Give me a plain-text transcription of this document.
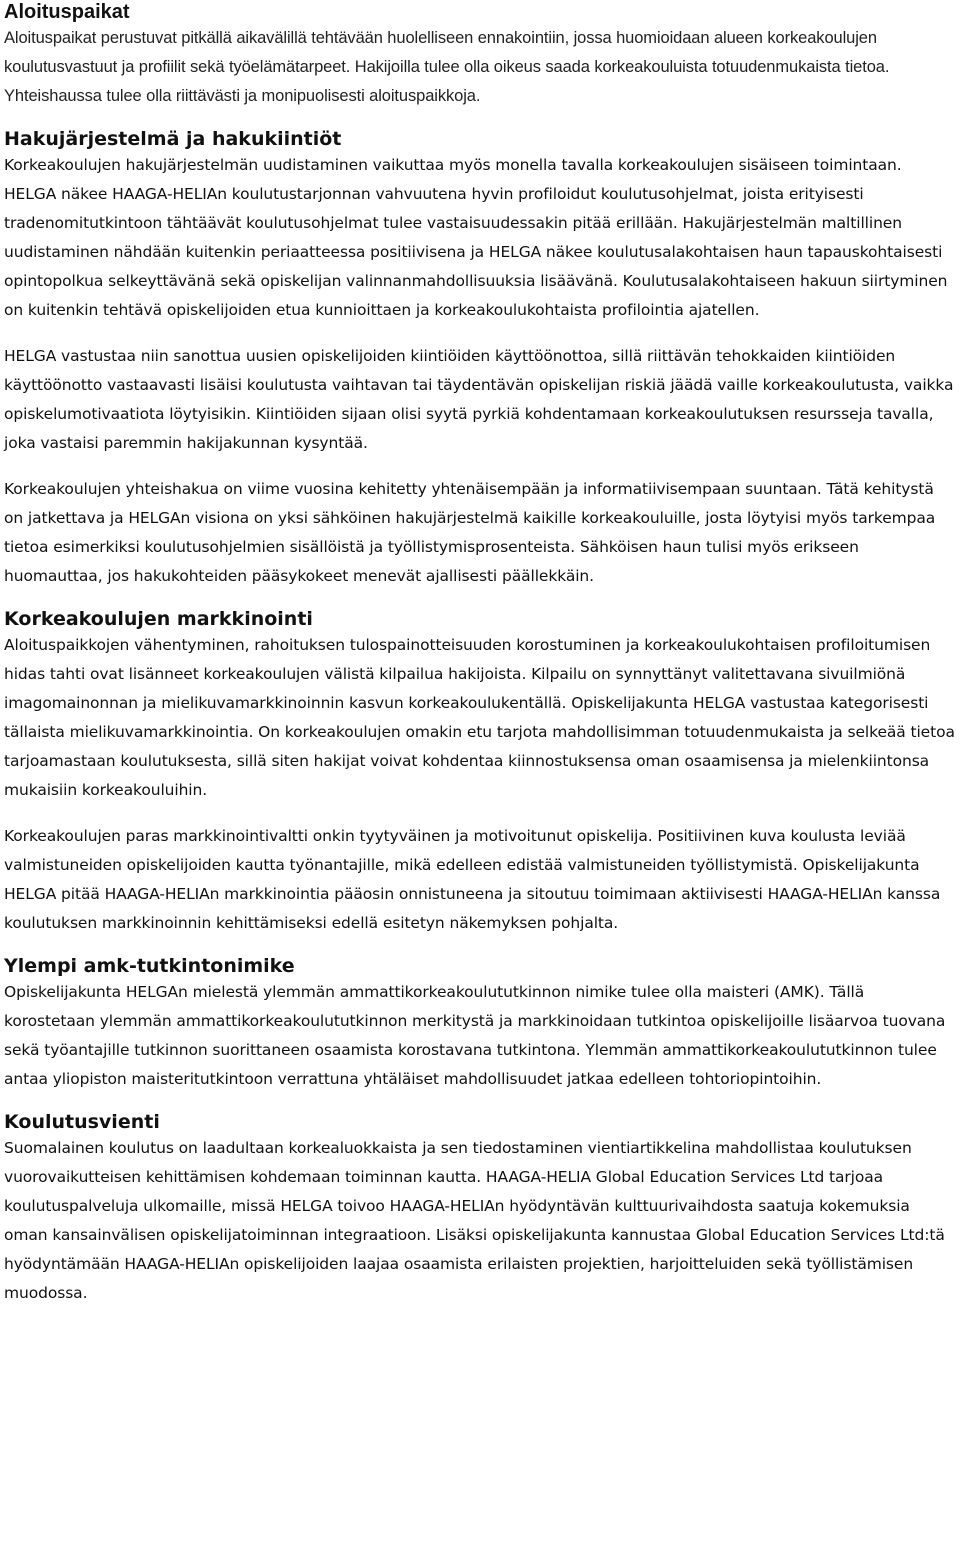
Aloituspaikat

Aloituspaikat perustuvat pitkällä aikavälillä tehtävään huolelliseen ennakointiin, jossa huomioidaan alueen korkeakoulujen koulutusvastuut ja profiilit sekä työelämätarpeet. Hakijoilla tulee olla oikeus saada korkeakouluista totuudenmukaista tietoa. Yhteishaussa tulee olla riittävästi ja monipuolisesti aloituspaikkoja.

Hakujärjestelmä ja hakukiintiöt

Korkeakoulujen hakujärjestelmän uudistaminen vaikuttaa myös monella tavalla korkeakoulujen sisäiseen toimintaan. HELGA näkee HAAGA-HELIAn koulutustarjonnan vahvuutena hyvin profiloidut koulutusohjelmat, joista erityisesti tradenomitutkintoon tähtäävät koulutusohjelmat tulee vastaisuudessakin pitää erillään. Hakujärjestelmän maltillinen uudistaminen nähdään kuitenkin periaatteessa positiivisena ja HELGA näkee koulutusalakohtaisen haun tapauskohtaisesti opintopolkua selkeyttävänä sekä opiskelijan valinnanmahdollisuuksia lisäävänä. Koulutusalakohtaiseen hakuun siirtyminen on kuitenkin tehtävä opiskelijoiden etua kunnioittaen ja korkeakoulukohtaista profilointia ajatellen.

HELGA vastustaa niin sanottua uusien opiskelijoiden kiintiöiden käyttöönottoa, sillä riittävän tehokkaiden kiintiöiden käyttöönotto vastaavasti lisäisi koulutusta vaihtavan tai täydentävän opiskelijan riskiä jäädä vaille korkeakoulutusta, vaikka opiskelumotivaatiota löytyisikin. Kiintiöiden sijaan olisi syytä pyrkiä kohdentamaan korkeakoulutuksen resursseja tavalla, joka vastaisi paremmin hakijakunnan kysyntää.

Korkeakoulujen yhteishakua on viime vuosina kehitetty yhtenäisempään ja informatiivisempaan suuntaan. Tätä kehitystä on jatkettava ja HELGAn visiona on yksi sähköinen hakujärjestelmä kaikille korkeakouluille, josta löytyisi myös tarkempaa tietoa esimerkiksi koulutusohjelmien sisällöistä ja työllistymisprosenteista. Sähköisen haun tulisi myös erikseen huomauttaa, jos hakukohteiden pääsykokeet menevät ajallisesti päällekkäin.

Korkeakoulujen markkinointi

Aloituspaikkojen vähentyminen, rahoituksen tulospainotteisuuden korostuminen ja korkeakoulukohtaisen profiloitumisen hidas tahti ovat lisänneet korkeakoulujen välistä kilpailua hakijoista. Kilpailu on synnyttänyt valitettavana sivuilmiönä imagomainonnan ja mielikuvamarkkinoinnin kasvun korkeakoulukentällä. Opiskelijakunta HELGA vastustaa kategorisesti tällaista mielikuvamarkkinointia. On korkeakoulujen omakin etu tarjota mahdollisimman totuudenmukaista ja selkeää tietoa tarjoamastaan koulutuksesta, sillä siten hakijat voivat kohdentaa kiinnostuksensa oman osaamisensa ja mielenkiintonsa mukaisiin korkeakouluihin.

Korkeakoulujen paras markkinointivaltti onkin tyytyväinen ja motivoitunut opiskelija. Positiivinen kuva koulusta leviää valmistuneiden opiskelijoiden kautta työnantajille, mikä edelleen edistää valmistuneiden työllistymistä. Opiskelijakunta HELGA pitää HAAGA-HELIAn markkinointia pääosin onnistuneena ja sitoutuu toimimaan aktiivisesti HAAGA-HELIAn kanssa koulutuksen markkinoinnin kehittämiseksi edellä esitetyn näkemyksen pohjalta.

Ylempi amk-tutkintonimike

Opiskelijakunta HELGAn mielestä ylemmän ammattikorkeakoulututkinnon nimike tulee olla maisteri (AMK). Tällä korostetaan ylemmän ammattikorkeakoulututkinnon merkitystä ja markkinoidaan tutkintoa opiskelijoille lisäarvoa tuovana sekä työantajille tutkinnon suorittaneen osaamista korostavana tutkintona. Ylemmän ammattikorkeakoulututkinnon tulee antaa yliopiston maisteritutkintoon verrattuna yhtäläiset mahdollisuudet jatkaa edelleen tohtoriopintoihin.

Koulutusvienti

Suomalainen koulutus on laadultaan korkealuokkaista ja sen tiedostaminen vientiartikkelina mahdollistaa koulutuksen vuorovaikutteisen kehittämisen kohdemaan toiminnan kautta. HAAGA-HELIA Global Education Services Ltd tarjoaa koulutuspalveluja ulkomaille, missä HELGA toivoo HAAGA-HELIAn hyödyntävän kulttuurivaihdosta saatuja kokemuksia oman kansainvälisen opiskelijatoiminnan integraatioon. Lisäksi opiskelijakunta kannustaa Global Education Services Ltd:tä hyödyntämään HAAGA-HELIAn opiskelijoiden laajaa osaamista erilaisten projektien, harjoitteluiden sekä työllistämisen muodossa.
